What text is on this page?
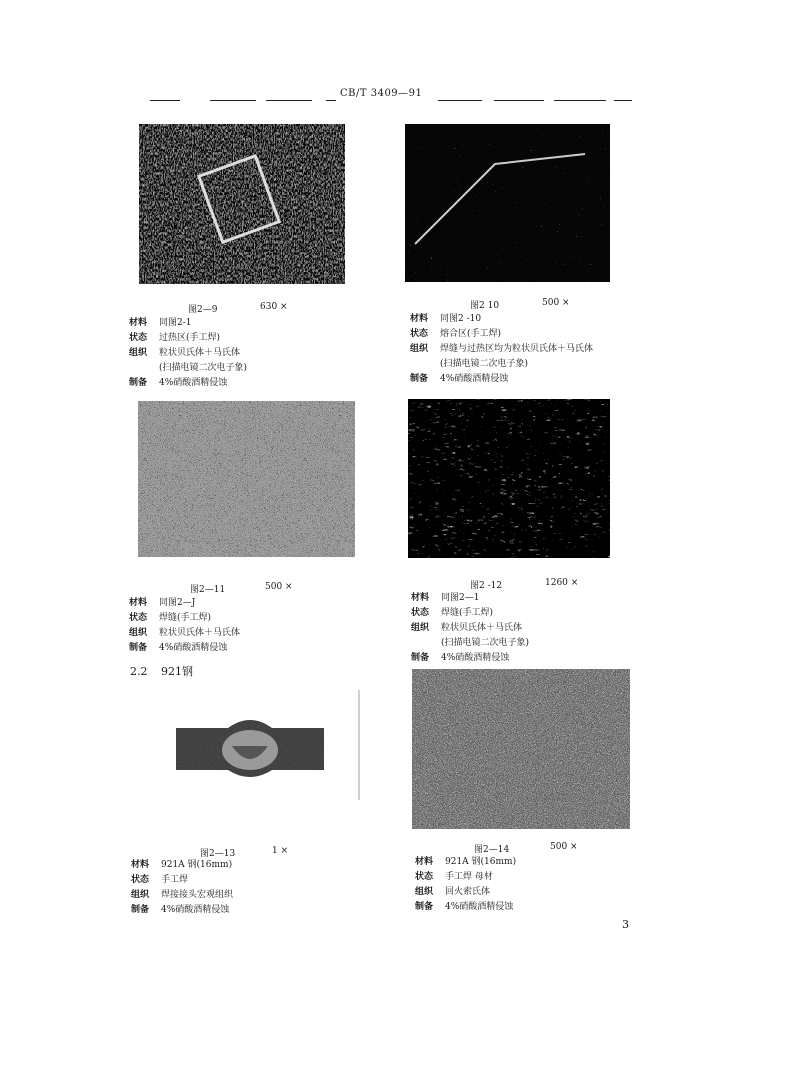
CB/T 3409—91
图2—9	630 ×
材料	同图2-1
状态	过热区(手工焊)
组织	粒状贝氏体＋马氏体
(扫描电镜二次电子象)
制备	4%硝酸酒精侵蚀
图2 10	500 ×
材料	同图2 -10
状态	熔合区(手工焊)
组织	焊缝与过热区均为粒状贝氏体＋马氏体
(扫描电镜二次电子象)
制备	4%硝酸酒精侵蚀
图2—11	500 ×
材料	同图2—J
状态	焊缝(手工焊)
组织	粒状贝氏体＋马氏体
制备	4%硝酸酒精侵蚀
图2 -12	1260 ×
材料	同图2—1
状态	焊缝(手工焊)
组织	粒状贝氏体＋马氏体
(扫描电镜二次电子象)
制备	4%硝酸酒精侵蚀
2.2 921钢
图2—13	1 ×
材料	921A 钢(16mm)
状态	手工焊
组织	焊接接头宏观组织
制备	4%硝酸酒精侵蚀
图2—14	500 ×
材料	921A 钢(16mm)
状态	手工焊 母材
组织	回火索氏体
制备	4%硝酸酒精侵蚀
3
